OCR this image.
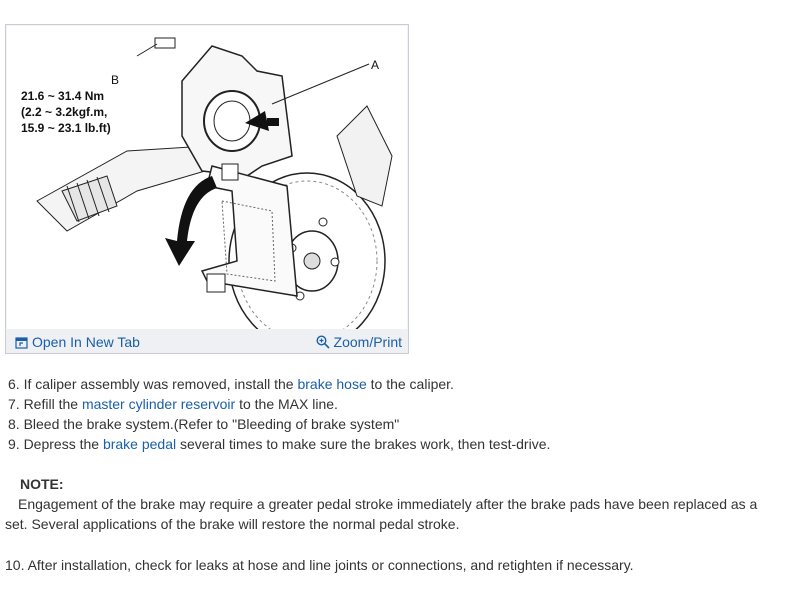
B
21.6 ~ 31.4 Nm
(2.2 ~ 3.2kgf.m,
15.9 ~ 23.1 lb.ft)
A
Open In New Tab	Zoom/Print
6. If caliper assembly was removed, install the brake hose to the caliper.
7. Refill the master cylinder reservoir to the MAX line.
8. Bleed the brake system.(Refer to "Bleeding of brake system"
9. Depress the brake pedal several times to make sure the brakes work, then test-drive.
NOTE:
Engagement of the brake may require a greater pedal stroke immediately after the brake pads have been replaced as a set. Several applications of the brake will restore the normal pedal stroke.
10. After installation, check for leaks at hose and line joints or connections, and retighten if necessary.
